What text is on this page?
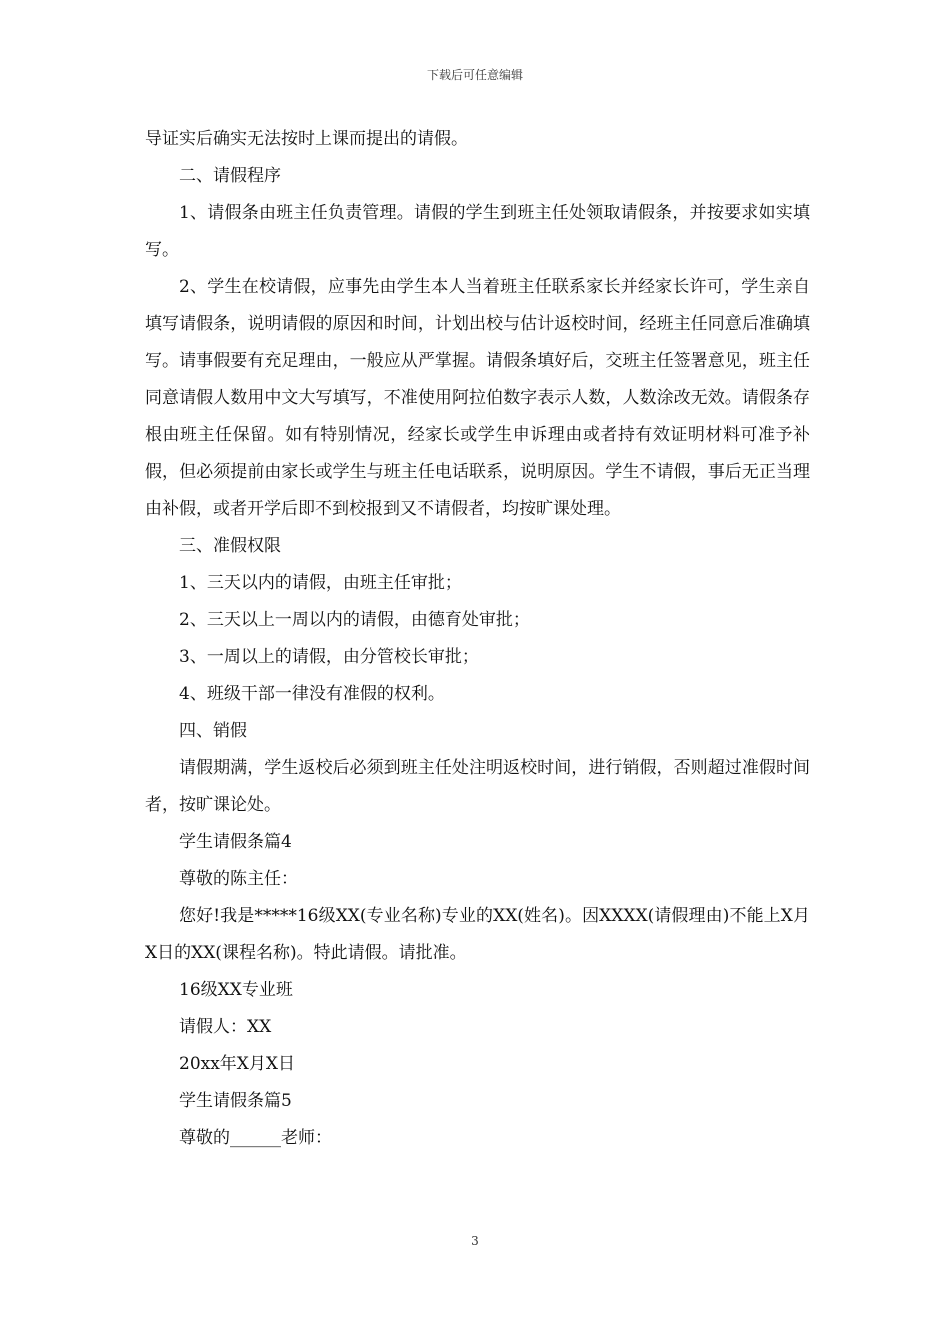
下载后可任意编辑

导证实后确实无法按时上课而提出的请假。

二、请假程序

1、请假条由班主任负责管理。请假的学生到班主任处领取请假条，并按要求如实填写。

2、学生在校请假，应事先由学生本人当着班主任联系家长并经家长许可，学生亲自填写请假条，说明请假的原因和时间，计划出校与估计返校时间，经班主任同意后准确填写。请事假要有充足理由，一般应从严掌握。请假条填好后，交班主任签署意见，班主任同意请假人数用中文大写填写，不准使用阿拉伯数字表示人数，人数涂改无效。请假条存根由班主任保留。如有特别情况，经家长或学生申诉理由或者持有效证明材料可准予补假，但必须提前由家长或学生与班主任电话联系，说明原因。学生不请假，事后无正当理由补假，或者开学后即不到校报到又不请假者，均按旷课处理。

三、准假权限

1、三天以内的请假，由班主任审批；

2、三天以上一周以内的请假，由德育处审批；

3、一周以上的请假，由分管校长审批；

4、班级干部一律没有准假的权利。

四、销假

请假期满，学生返校后必须到班主任处注明返校时间，进行销假，否则超过准假时间者，按旷课论处。

学生请假条篇4

尊敬的陈主任：

您好!我是*****16级XX(专业名称)专业的XX(姓名)。因XXXX(请假理由)不能上X月X日的XX(课程名称)。特此请假。请批准。

16级XX专业班

请假人：XX

20xx年X月X日

学生请假条篇5

尊敬的______老师：

3
